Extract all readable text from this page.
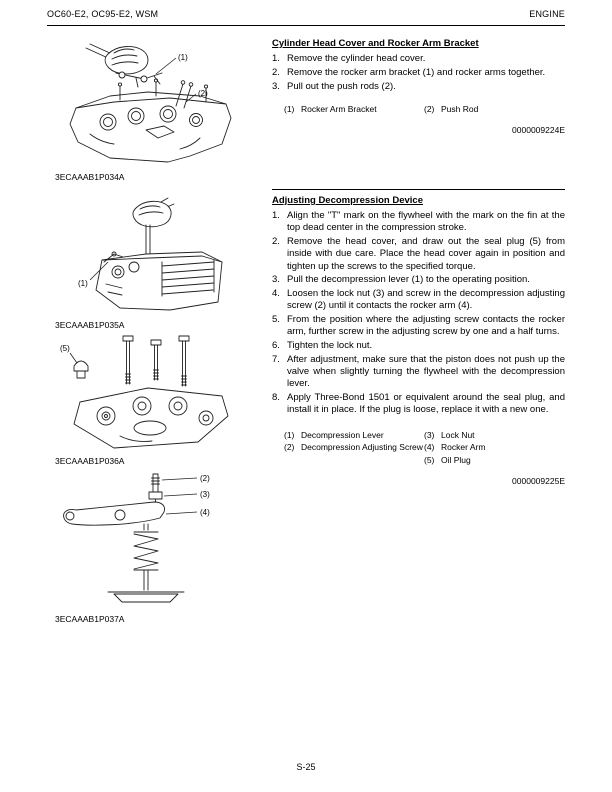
OC60-E2, OC95-E2, WSM	ENGINE
(1)
(2)
3ECAAAB1P034A
(1)
3ECAAAB1P035A
(5)
3ECAAAB1P036A
(2)
(3)
(4)
3ECAAAB1P037A
Cylinder Head Cover and Rocker Arm Bracket
1. Remove the cylinder head cover.
2. Remove the rocker arm bracket (1) and rocker arms together.
3. Pull out the push rods (2).
(1) Rocker Arm Bracket	(2) Push Rod
0000009224E
Adjusting Decompression Device
1. Align the "T" mark on the flywheel with the mark on the fin at the top dead center in the compression stroke.
2. Remove the head cover, and draw out the seal plug (5) from inside with due care. Place the head cover again in position and tighten up the screws to the specified torque.
3. Pull the decompression lever (1) to the operating position.
4. Loosen the lock nut (3) and screw in the decompression adjusting screw (2) until it contacts the rocker arm (4).
5. From the position where the adjusting screw contacts the rocker arm, further screw in the adjusting screw by one and a half turns.
6. Tighten the lock nut.
7. After adjustment, make sure that the piston does not push up the valve when slightly turning the flywheel with the decompression lever.
8. Apply Three-Bond 1501 or equivalent around the seal plug, and install it in place. If the plug is loose, replace it with a new one.
(1) Decompression Lever
(2) Decompression Adjusting Screw
(3) Lock Nut
(4) Rocker Arm
(5) Oil Plug
0000009225E
S-25
